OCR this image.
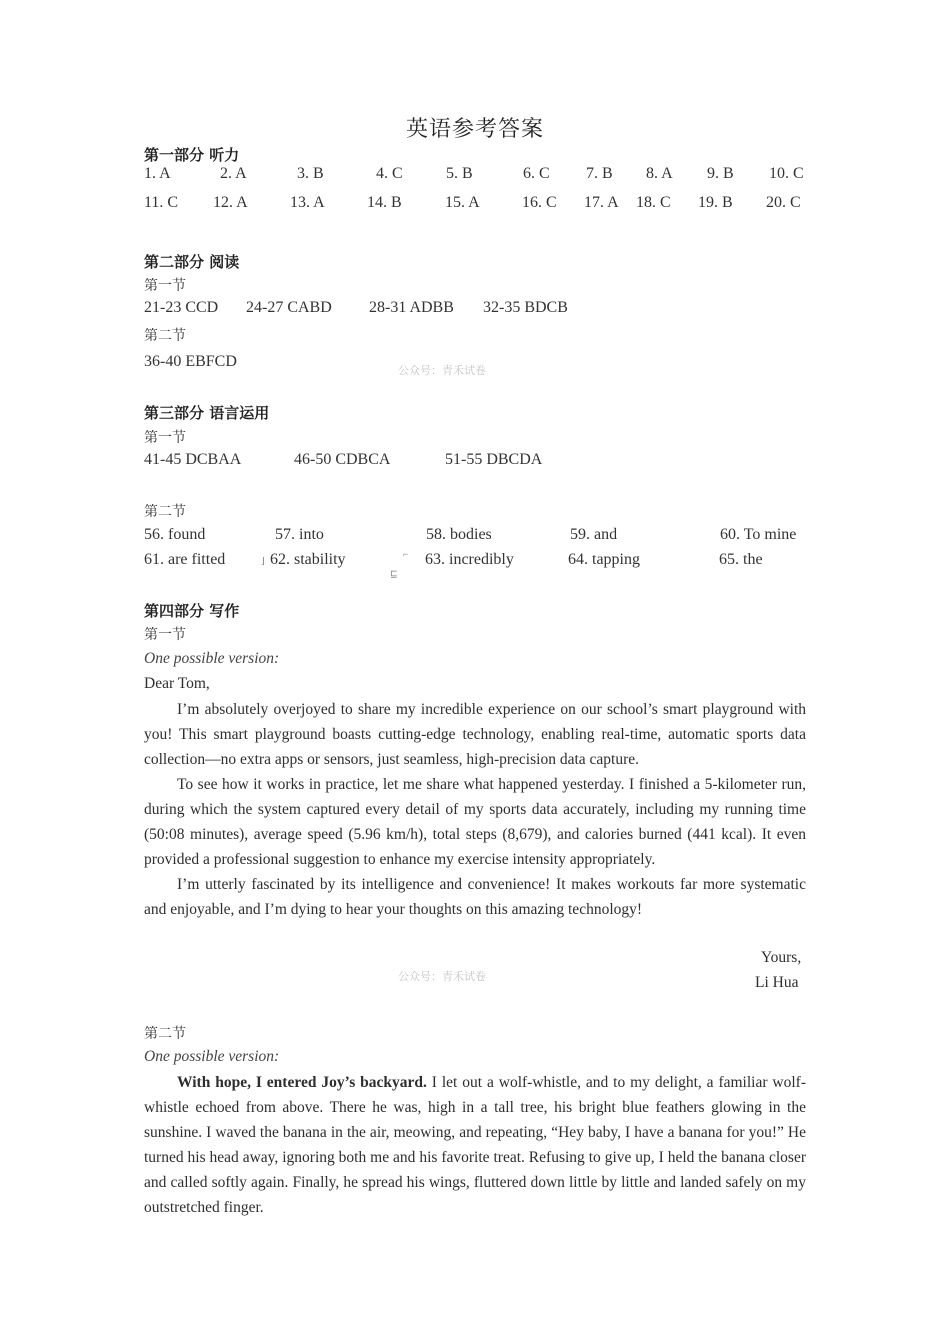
英语参考答案
第一部分 听力
1. A	2. A	3. B	4. C	5. B	6. C 7. B 8. A 9. B 10. C
11. C 12. A	13. A	14. B	15. A	16. C 17. A 18. C 19. B 20. C
第二部分 阅读
第一节
21-23 CCD 24-27 CABD 28-31 ADBB 32-35 BDCB
第二节
36-40 EBFCD
公众号：青禾试卷
第三部分 语言运用
第一节
41-45 DCBAA	46-50 CDBCA	51-55 DBCDA
第二节
56. found	57. into	58. bodies	59. and	60. To mine
61. are fitted	62. stability	63. incredibly	64. tapping	65. the
⌋
⌐
⊑
第四部分 写作
第一节
One possible version:
Dear Tom,

I’m absolutely overjoyed to share my incredible experience on our school’s smart playground with you! This smart playground boasts cutting-edge technology, enabling real-time, automatic sports data collection—no extra apps or sensors, just seamless, high-precision data capture.

To see how it works in practice, let me share what happened yesterday. I finished a 5-kilometer run, during which the system captured every detail of my sports data accurately, including my running time (50:08 minutes), average speed (5.96 km/h), total steps (8,679), and calories burned (441 kcal). It even provided a professional suggestion to enhance my exercise intensity appropriately.

I’m utterly fascinated by its intelligence and convenience! It makes workouts far more systematic and enjoyable, and I’m dying to hear your thoughts on this amazing technology!

Yours,
公众号：青禾试卷	Li Hua
第二节
One possible version:

With hope, I entered Joy’s backyard. I let out a wolf-whistle, and to my delight, a familiar wolf-whistle echoed from above. There he was, high in a tall tree, his bright blue feathers glowing in the sunshine. I waved the banana in the air, meowing, and repeating, “Hey baby, I have a banana for you!” He turned his head away, ignoring both me and his favorite treat. Refusing to give up, I held the banana closer and called softly again. Finally, he spread his wings, fluttered down little by little and landed safely on my outstretched finger.
